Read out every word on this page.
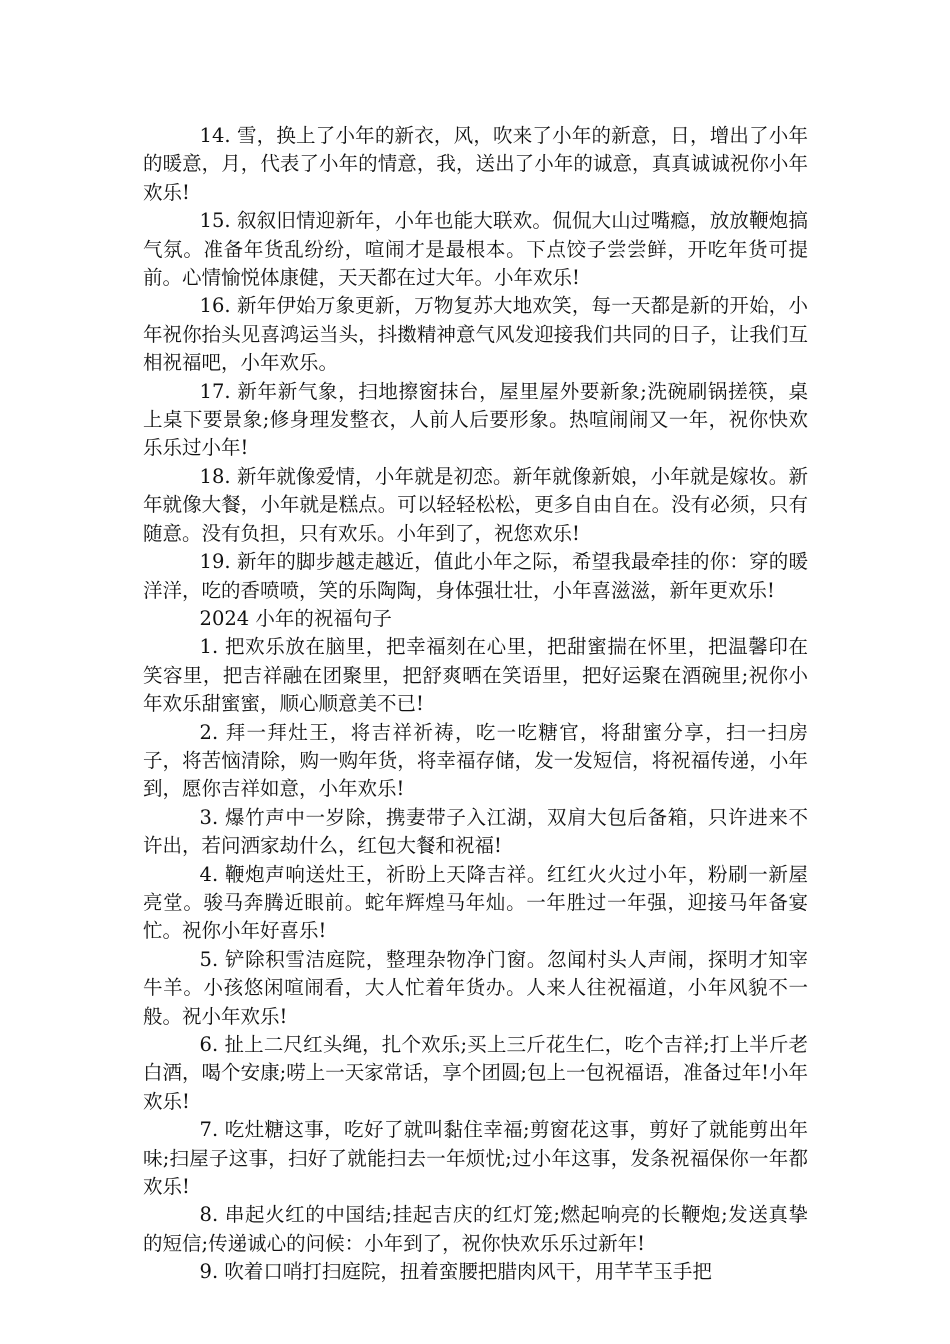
14. 雪，换上了小年的新衣，风，吹来了小年的新意，日，增出了小年的暖意，月，代表了小年的情意，我，送出了小年的诚意，真真诚诚祝你小年欢乐!

15. 叙叙旧情迎新年，小年也能大联欢。侃侃大山过嘴瘾，放放鞭炮搞气氛。准备年货乱纷纷，喧闹才是最根本。下点饺子尝尝鲜，开吃年货可提前。心情愉悦体康健，天天都在过大年。小年欢乐!

16. 新年伊始万象更新，万物复苏大地欢笑，每一天都是新的开始，小年祝你抬头见喜鸿运当头，抖擞精神意气风发迎接我们共同的日子，让我们互相祝福吧，小年欢乐。

17. 新年新气象，扫地擦窗抹台，屋里屋外要新象;洗碗刷锅搓筷，桌上桌下要景象;修身理发整衣，人前人后要形象。热喧闹闹又一年，祝你快欢乐乐过小年!

18. 新年就像爱情，小年就是初恋。新年就像新娘，小年就是嫁妆。新年就像大餐，小年就是糕点。可以轻轻松松，更多自由自在。没有必须，只有随意。没有负担，只有欢乐。小年到了，祝您欢乐!

19. 新年的脚步越走越近，值此小年之际，希望我最牵挂的你：穿的暖洋洋，吃的香喷喷，笑的乐陶陶，身体强壮壮，小年喜滋滋，新年更欢乐!

2024 小年的祝福句子

1. 把欢乐放在脑里，把幸福刻在心里，把甜蜜揣在怀里，把温馨印在笑容里，把吉祥融在团聚里，把舒爽晒在笑语里，把好运聚在酒碗里;祝你小年欢乐甜蜜蜜，顺心顺意美不已!

2. 拜一拜灶王，将吉祥祈祷，吃一吃糖官，将甜蜜分享，扫一扫房子，将苦恼清除，购一购年货，将幸福存储，发一发短信，将祝福传递，小年到，愿你吉祥如意，小年欢乐!

3. 爆竹声中一岁除，携妻带子入江湖，双肩大包后备箱，只许进来不许出，若问洒家劫什么，红包大餐和祝福!

4. 鞭炮声响送灶王，祈盼上天降吉祥。红红火火过小年，粉刷一新屋亮堂。骏马奔腾近眼前。蛇年辉煌马年灿。一年胜过一年强，迎接马年备宴忙。祝你小年好喜乐!

5. 铲除积雪洁庭院，整理杂物净门窗。忽闻村头人声闹，探明才知宰牛羊。小孩悠闲喧闹看，大人忙着年货办。人来人往祝福道，小年风貌不一般。祝小年欢乐!

6. 扯上二尺红头绳，扎个欢乐;买上三斤花生仁，吃个吉祥;打上半斤老白酒，喝个安康;唠上一天家常话，享个团圆;包上一包祝福语，准备过年!小年欢乐!

7. 吃灶糖这事，吃好了就叫黏住幸福;剪窗花这事，剪好了就能剪出年味;扫屋子这事，扫好了就能扫去一年烦忧;过小年这事，发条祝福保你一年都欢乐!

8. 串起火红的中国结;挂起吉庆的红灯笼;燃起响亮的长鞭炮;发送真挚的短信;传递诚心的问候：小年到了，祝你快欢乐乐过新年!

9. 吹着口哨打扫庭院，扭着蛮腰把腊肉风干，用芊芊玉手把
